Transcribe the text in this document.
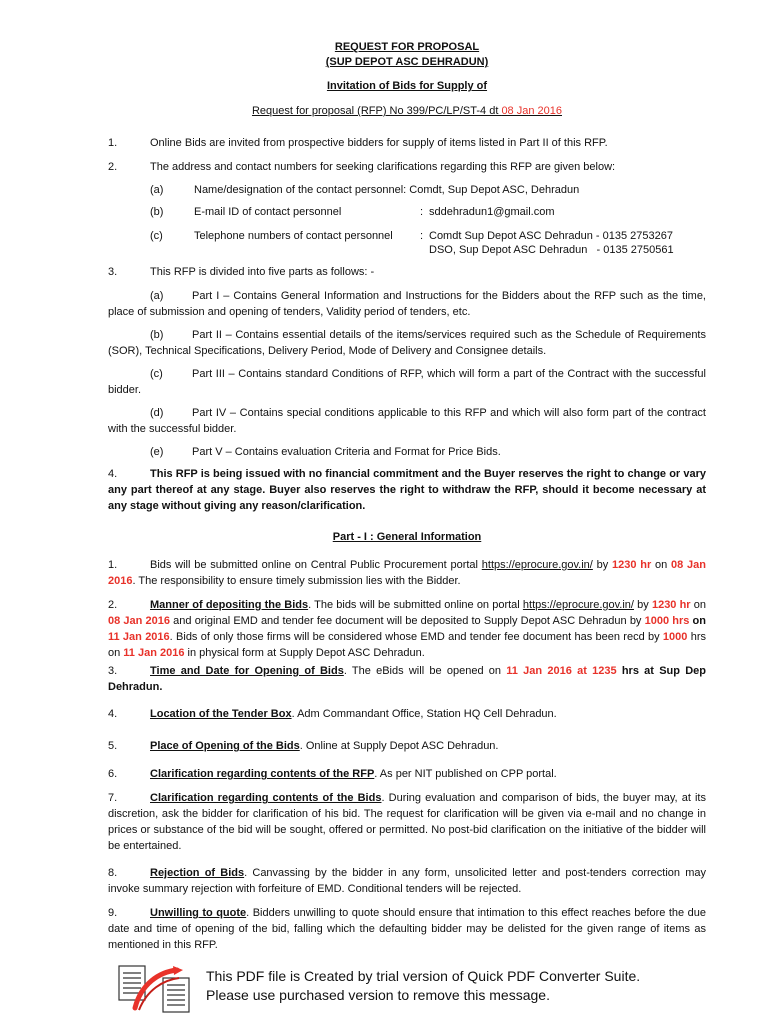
REQUEST FOR PROPOSAL
(SUP DEPOT ASC DEHRADUN)
Invitation of Bids for Supply of
Request for proposal (RFP) No 399/PC/LP/ST-4 dt 08 Jan 2016
1.	Online Bids are invited from prospective bidders for supply of items listed in Part II of this RFP.
2.	The address and contact numbers for seeking clarifications regarding this RFP are given below:
(a)	Name/designation of the contact personnel: Comdt, Sup Depot ASC, Dehradun
(b)	E-mail ID of contact personnel	: sddehradun1@gmail.com
(c)	Telephone numbers of contact personnel	: Comdt Sup Depot ASC Dehradun - 0135 2753267
DSO, Sup Depot ASC Dehradun   - 0135 2750561
3.	This RFP is divided into five parts as follows: -
(a)	Part I – Contains General Information and Instructions for the Bidders about the RFP such as the time, place of submission and opening of tenders, Validity period of tenders, etc.
(b)	Part II – Contains essential details of the items/services required such as the Schedule of Requirements (SOR), Technical Specifications, Delivery Period, Mode of Delivery and Consignee details.
(c)	Part III – Contains standard Conditions of RFP, which will form a part of the Contract with the successful bidder.
(d)	Part IV – Contains special conditions applicable to this RFP and which will also form part of the contract with the successful bidder.
(e)	Part V – Contains evaluation Criteria and Format for Price Bids.
4.	This RFP is being issued with no financial commitment and the Buyer reserves the right to change or vary any part thereof at any stage. Buyer also reserves the right to withdraw the RFP, should it become necessary at any stage without giving any reason/clarification.
Part - I : General Information
1.	Bids will be submitted online on Central Public Procurement portal https://eprocure.gov.in/ by 1230 hr on 08 Jan 2016. The responsibility to ensure timely submission lies with the Bidder.
2.	Manner of depositing the Bids. The bids will be submitted online on portal https://eprocure.gov.in/ by 1230 hr on 08 Jan 2016 and original EMD and tender fee document will be deposited to Supply Depot ASC Dehradun by 1000 hrs on 11 Jan 2016. Bids of only those firms will be considered whose EMD and tender fee document has been recd by 1000 hrs on 11 Jan 2016 in physical form at Supply Depot ASC Dehradun.
3.	Time and Date for Opening of Bids. The eBids will be opened on 11 Jan 2016 at 1235 hrs at Sup Dep Dehradun.
4.	Location of the Tender Box. Adm Commandant Office, Station HQ Cell Dehradun.
5.	Place of Opening of the Bids. Online at Supply Depot ASC Dehradun.
6.	Clarification regarding contents of the RFP. As per NIT published on CPP portal.
7.	Clarification regarding contents of the Bids. During evaluation and comparison of bids, the buyer may, at its discretion, ask the bidder for clarification of his bid. The request for clarification will be given via e-mail and no change in prices or substance of the bid will be sought, offered or permitted. No post-bid clarification on the initiative of the bidder will be entertained.
8.	Rejection of Bids. Canvassing by the bidder in any form, unsolicited letter and post-tenders correction may invoke summary rejection with forfeiture of EMD. Conditional tenders will be rejected.
9.	Unwilling to quote. Bidders unwilling to quote should ensure that intimation to this effect reaches before the due date and time of opening of the bid, falling which the defaulting bidder may be delisted for the given range of items as mentioned in this RFP.
This PDF file is Created by trial version of Quick PDF Converter Suite.
Please use purchased version to remove this message.
